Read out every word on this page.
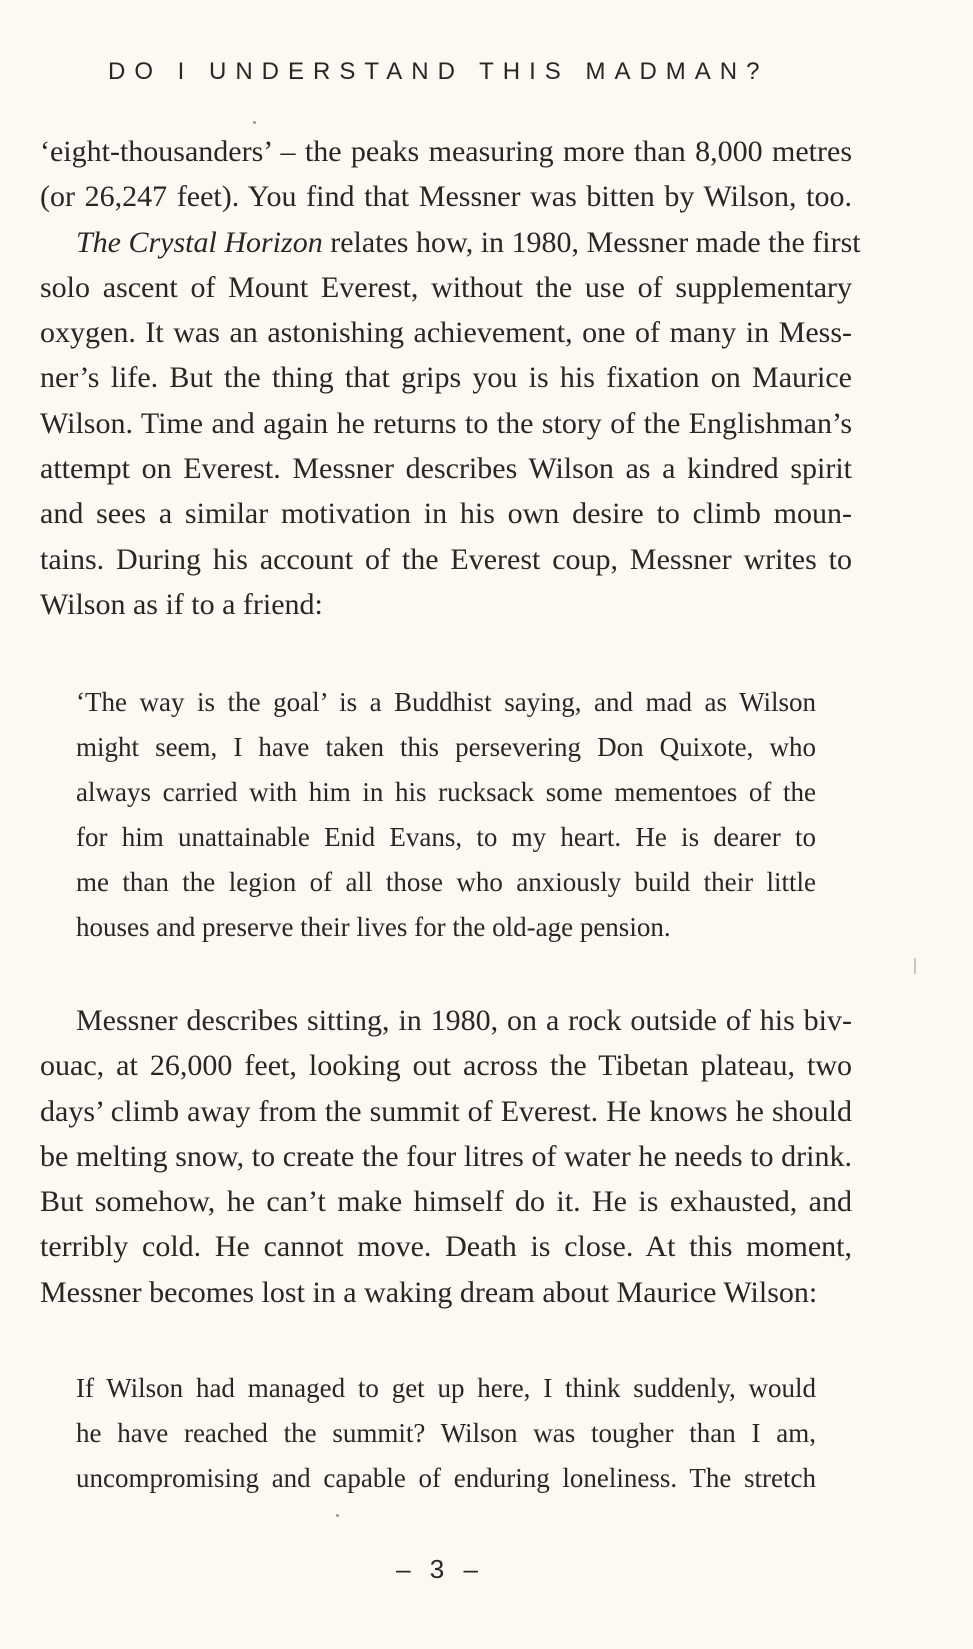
DO I UNDERSTAND THIS MADMAN?
‘eight-thousanders’ – the peaks measuring more than 8,000 metres
(or 26,247 feet). You find that Messner was bitten by Wilson, too.
The Crystal Horizon relates how, in 1980, Messner made the first
solo ascent of Mount Everest, without the use of supplementary
oxygen. It was an astonishing achievement, one of many in Mess-
ner’s life. But the thing that grips you is his fixation on Maurice
Wilson. Time and again he returns to the story of the Englishman’s
attempt on Everest. Messner describes Wilson as a kindred spirit
and sees a similar motivation in his own desire to climb moun-
tains. During his account of the Everest coup, Messner writes to
Wilson as if to a friend:
‘The way is the goal’ is a Buddhist saying, and mad as Wilson
might seem, I have taken this persevering Don Quixote, who
always carried with him in his rucksack some mementoes of the
for him unattainable Enid Evans, to my heart. He is dearer to
me than the legion of all those who anxiously build their little
houses and preserve their lives for the old-age pension.
Messner describes sitting, in 1980, on a rock outside of his biv-
ouac, at 26,000 feet, looking out across the Tibetan plateau, two
days’ climb away from the summit of Everest. He knows he should
be melting snow, to create the four litres of water he needs to drink.
But somehow, he can’t make himself do it. He is exhausted, and
terribly cold. He cannot move. Death is close. At this moment,
Messner becomes lost in a waking dream about Maurice Wilson:
If Wilson had managed to get up here, I think suddenly, would
he have reached the summit? Wilson was tougher than I am,
uncompromising and capable of enduring loneliness. The stretch
– 3 –
